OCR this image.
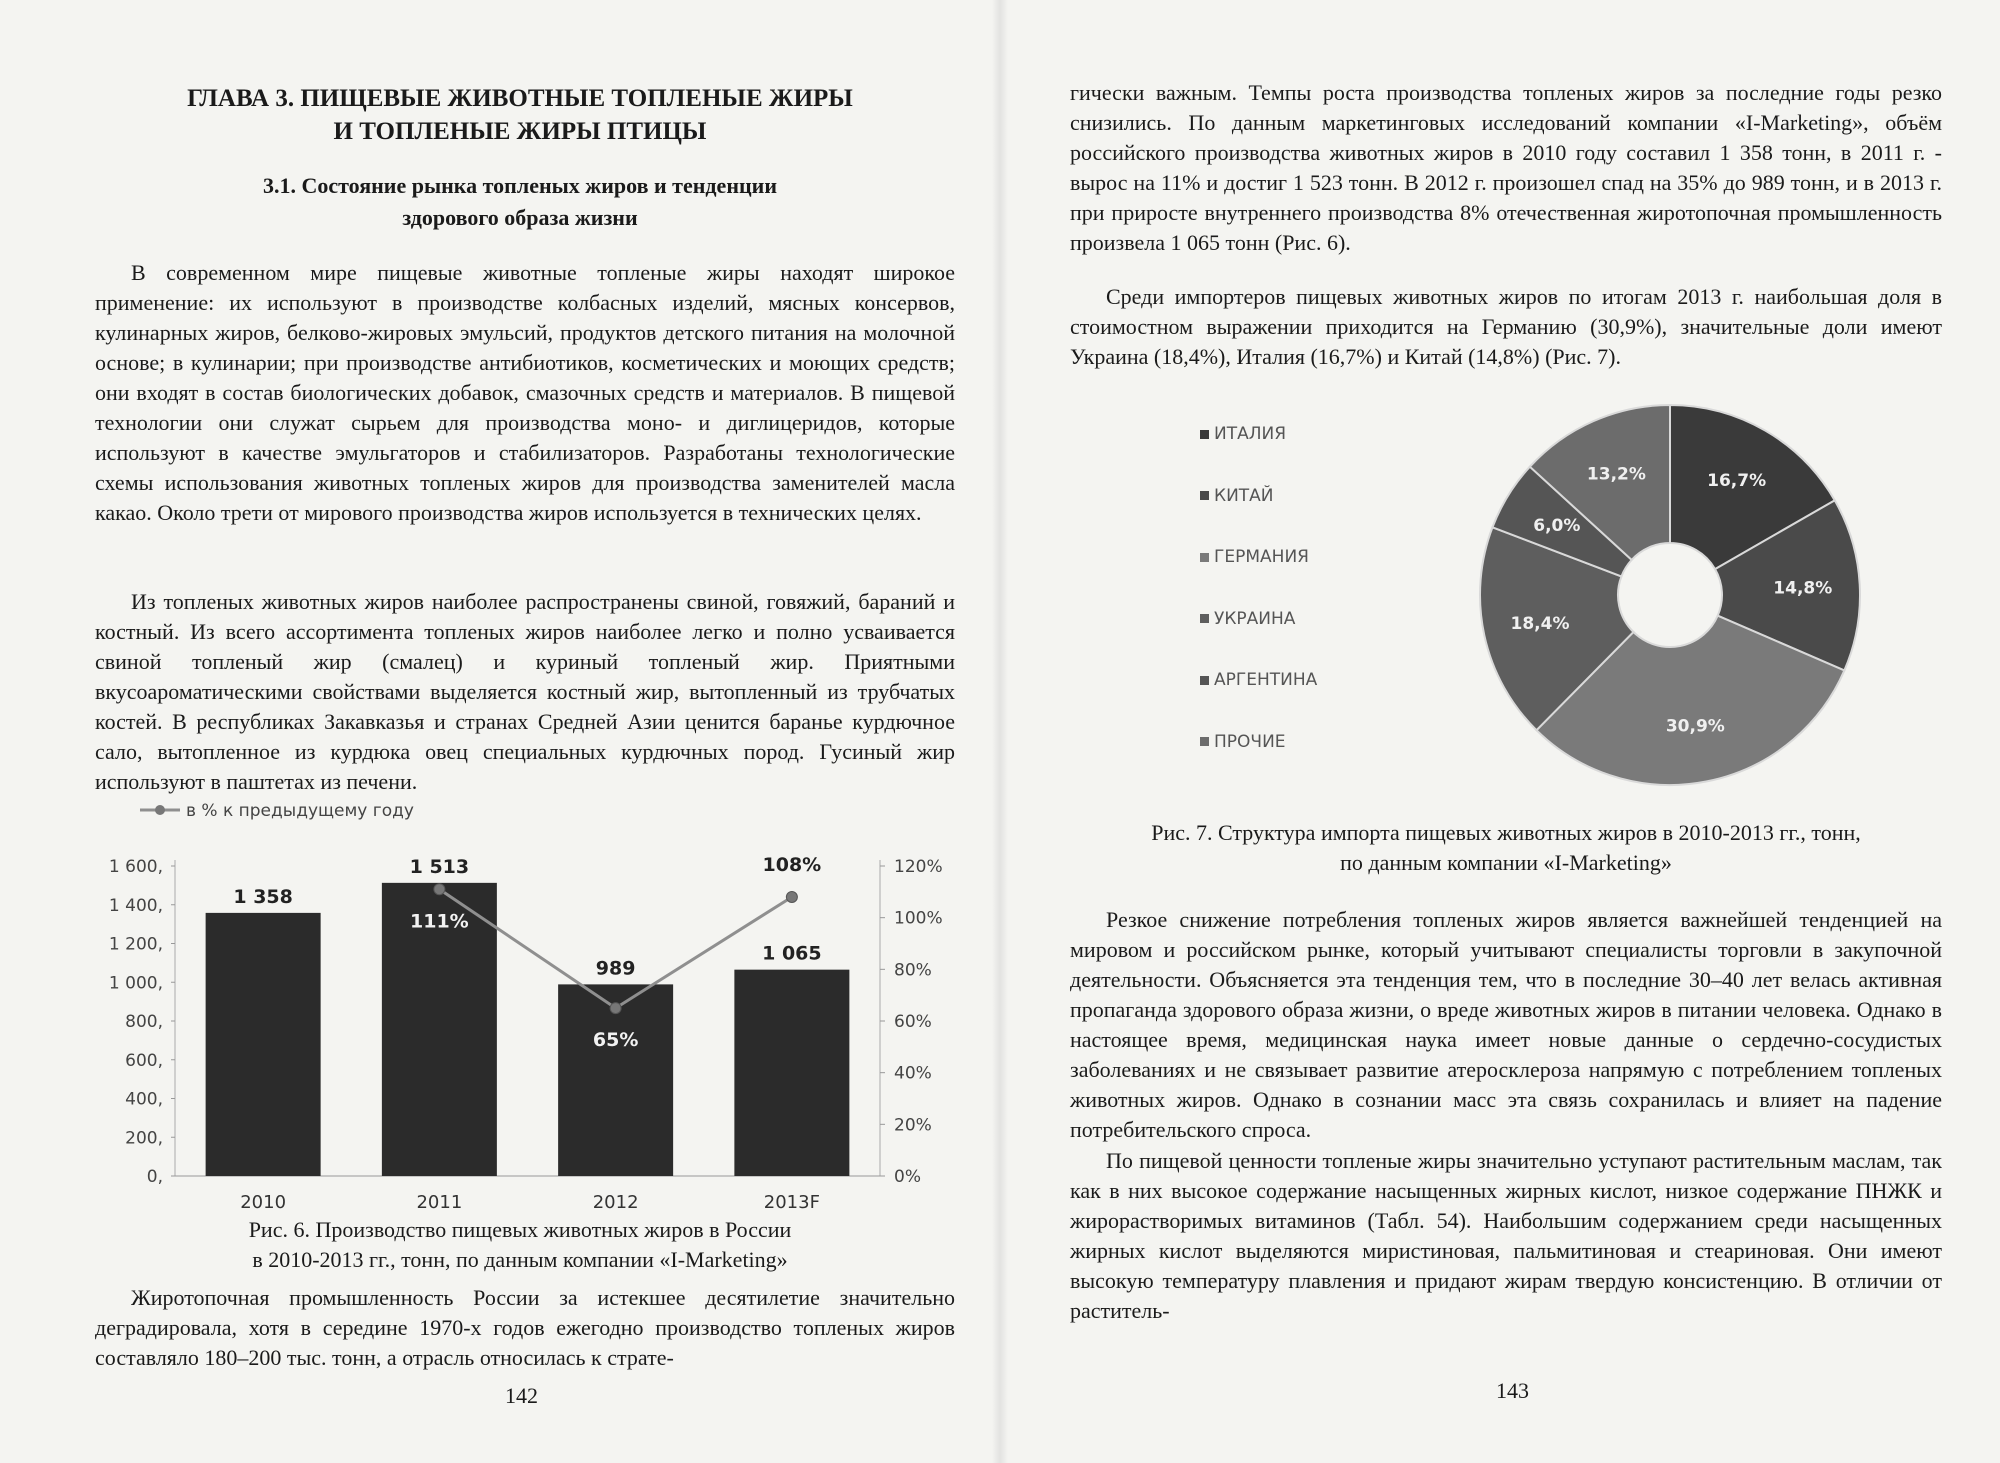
ГЛАВА 3. ПИЩЕВЫЕ ЖИВОТНЫЕ ТОПЛЕНЫЕ ЖИРЫ
И ТОПЛЕНЫЕ ЖИРЫ ПТИЦЫ
3.1. Состояние рынка топленых жиров и тенденции
здорового образа жизни

В современном мире пищевые животные топленые жиры находят широкое применение: их используют в производстве колбасных изделий, мясных консервов, кулинарных жиров, белково-жировых эмульсий, продуктов детского питания на молочной основе; в кулинарии; при производстве антибиотиков, косметических и моющих средств; они входят в состав биологических добавок, смазочных средств и материалов. В пищевой технологии они служат сырьем для производства моно- и диглицеридов, которые используют в качестве эмульгаторов и стабилизаторов. Разработаны технологические схемы использования животных топленых жиров для производства заменителей масла какао. Около трети от мирового производства жиров используется в технических целях.

Из топленых животных жиров наиболее распространены свиной, говяжий, бараний и костный. Из всего ассортимента топленых жиров наиболее легко и полно усваивается свиной топленый жир (смалец) и куриный топленый жир. Приятными вкусоароматическими свойствами выделяется костный жир, вытопленный из трубчатых костей. В республиках Закавказья и странах Средней Азии ценится баранье курдючное сало, вытопленное из курдюка овец специальных курдючных пород. Гусиный жир используют в паштетах из печени.

в % к предыдущему году
0,
200,
400,
600,
800,
1 000,
1 200,
1 400,
1 600,
0%
20%
40%
60%
80%
100%
120%
1 358
2010
1 513
2011
989
2012
1 065
2013F
111%
65%
108%
Рис. 6. Производство пищевых животных жиров в России
в 2010-2013 гг., тонн, по данным компании «I-Marketing»

Жиротопочная промышленность России за истекшее десятилетие значительно деградировала, хотя в середине 1970-х годов ежегодно производство топленых жиров составляло 180–200 тыс. тонн, а отрасль относилась к страте-

142

гически важным. Темпы роста производства топленых жиров за последние годы резко снизились. По данным маркетинговых исследований компании «I-Marketing», объём российского производства животных жиров в 2010 году составил 1 358 тонн, в 2011 г. - вырос на 11% и достиг 1 523 тонн. В 2012 г. произошел спад на 35% до 989 тонн, и в 2013 г. при приросте внутреннего производства 8% отечественная жиротопочная промышленность произвела 1 065 тонн (Рис. 6).

Среди импортеров пищевых животных жиров по итогам 2013 г. наибольшая доля в стоимостном выражении приходится на Германию (30,9%), значительные доли имеют Украина (18,4%), Италия (16,7%) и Китай (14,8%) (Рис. 7).

ИТАЛИЯ
КИТАЙ
ГЕРМАНИЯ
УКРАИНА
АРГЕНТИНА
ПРОЧИЕ
16,7%
14,8%
30,9%
18,4%
6,0%
13,2%
Рис. 7. Структура импорта пищевых животных жиров в 2010-2013 гг., тонн,
по данным компании «I-Marketing»

Резкое снижение потребления топленых жиров является важнейшей тенденцией на мировом и российском рынке, который учитывают специалисты торговли в закупочной деятельности. Объясняется эта тенденция тем, что в последние 30–40 лет велась активная пропаганда здорового образа жизни, о вреде животных жиров в питании человека. Однако в настоящее время, медицинская наука имеет новые данные о сердечно-сосудистых заболеваниях и не связывает развитие атеросклероза напрямую с потреблением топленых животных жиров. Однако в сознании масс эта связь сохранилась и влияет на падение потребительского спроса.

По пищевой ценности топленые жиры значительно уступают растительным маслам, так как в них высокое содержание насыщенных жирных кислот, низкое содержание ПНЖК и жирорастворимых витаминов (Табл. 54). Наибольшим содержанием среди насыщенных жирных кислот выделяются миристиновая, пальмитиновая и стеариновая. Они имеют высокую температуру плавления и придают жирам твердую консистенцию. В отличии от раститель-

143
